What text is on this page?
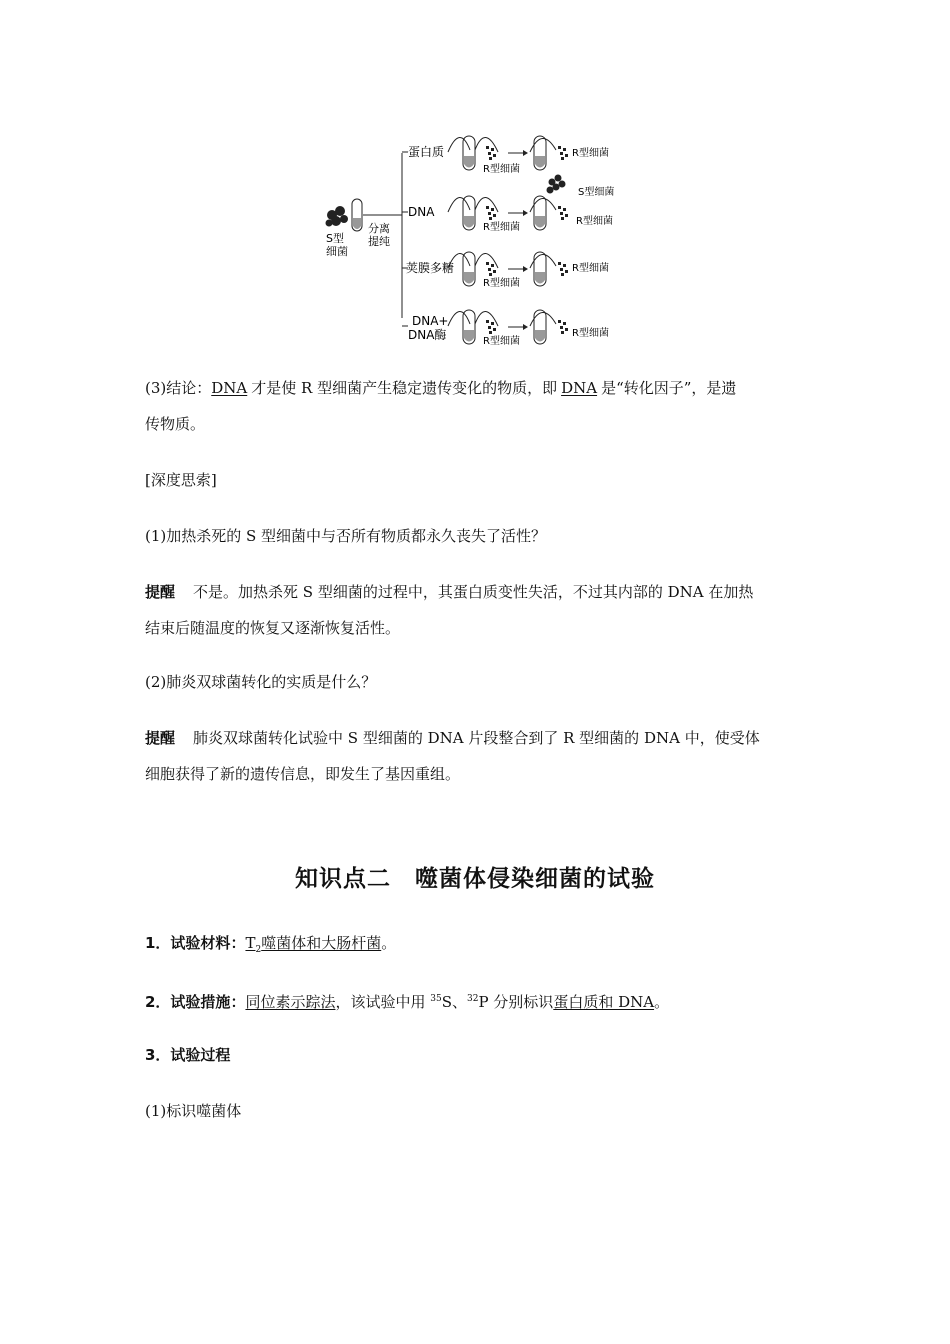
S型
细菌
分离
提纯
蛋白质
DNA
荚膜多糖
DNA+
DNA酶
R型细菌
R型细菌
R型细菌
R型细菌
R型细菌
S型细菌
R型细菌
R型细菌
R型细菌
(3)结论：DNA 才是使 R 型细菌产生稳定遗传变化的物质，即 DNA 是“转化因子”，是遗
传物质。
[深度思索]
(1)加热杀死的 S 型细菌中与否所有物质都永久丧失了活性？
提醒 不是。加热杀死 S 型细菌的过程中，其蛋白质变性失活，不过其内部的 DNA 在加热
结束后随温度的恢复又逐渐恢复活性。
(2)肺炎双球菌转化的实质是什么？
提醒 肺炎双球菌转化试验中 S 型细菌的 DNA 片段整合到了 R 型细菌的 DNA 中，使受体
细胞获得了新的遗传信息，即发生了基因重组。
知识点二　噬菌体侵染细菌的试验
1．试验材料：$T_2$噬菌体和大肠杆菌。
2．试验措施：同位素示踪法，该试验中用 $^{35}$S、$^{32}$P 分别标识蛋白质和 DNA。
3．试验过程
(1)标识噬菌体
